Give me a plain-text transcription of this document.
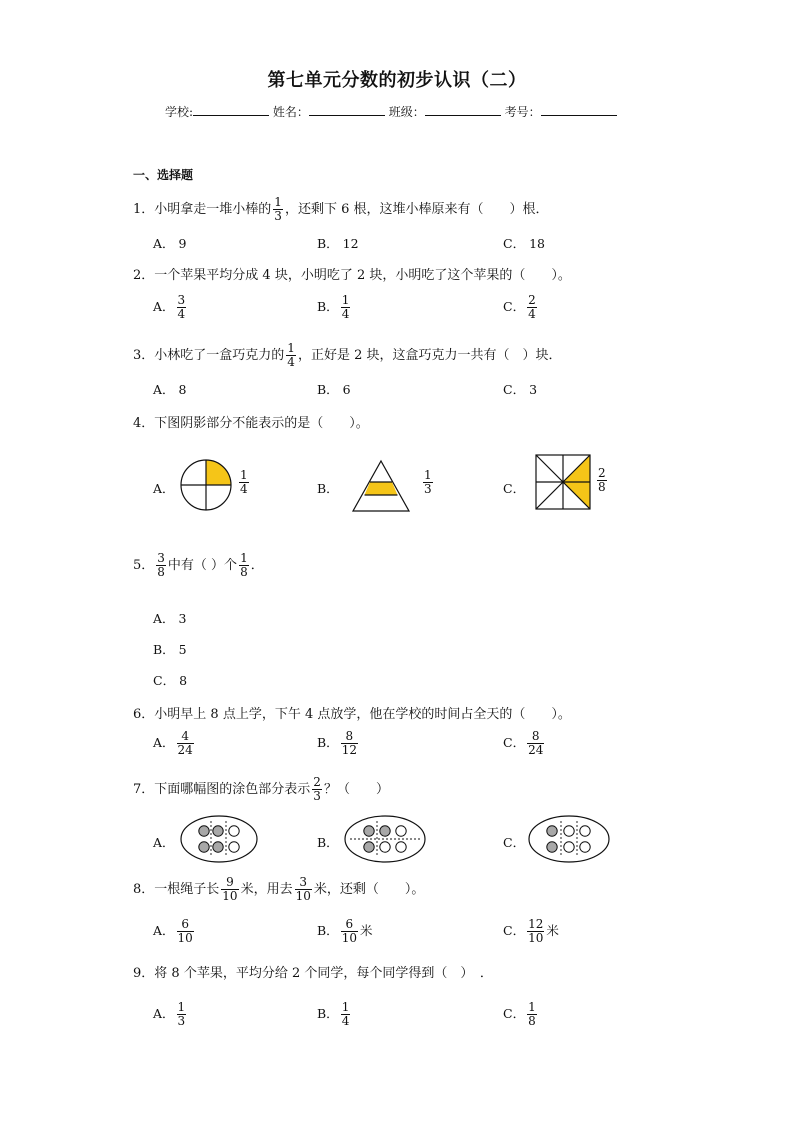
第七单元分数的初步认识（二）
学校:	姓名：	班级：	考号：
一、选择题
1．小明拿走一堆小棒的 $\frac{1}{3}$ ，还剩下 6 根，这堆小棒原来有（　　）根．
A． 9	B． 12	C． 18
2．一个苹果平均分成 4 块，小明吃了 2 块，小明吃了这个苹果的（　　）。
A． $\frac{3}{4}$	B． $\frac{1}{4}$	C． $\frac{2}{4}$
3．小林吃了一盒巧克力的 $\frac{1}{4}$ ，正好是 2 块，这盒巧克力一共有（　）块．
A． 8	B． 6	C． 3
4．下图阴影部分不能表示的是（　　）。
A．	$\frac{1}{4}$	B．	$\frac{1}{3}$	C．	$\frac{2}{8}$
5． $\frac{3}{8}$ 中有（ ）个 $\frac{1}{8}$ ．
A． 3
B． 5
C． 8
6．小明早上 8 点上学，下午 4 点放学，他在学校的时间占全天的（　　）。
A． $\frac{4}{24}$	B． $\frac{8}{12}$	C． $\frac{8}{24}$
7．下面哪幅图的涂色部分表示 $\frac{2}{3}$ ？（　　）
A．	B．	C．
8．一根绳子长 $\frac{9}{10}$ 米，用去 $\frac{3}{10}$ 米，还剩（　　）。
A． $\frac{6}{10}$	B． $\frac{6}{10}$ 米	C． $\frac{12}{10}$ 米
9．将 8 个苹果，平均分给 2 个同学，每个同学得到（　）　．
A． $\frac{1}{3}$	B． $\frac{1}{4}$	C． $\frac{1}{8}$
